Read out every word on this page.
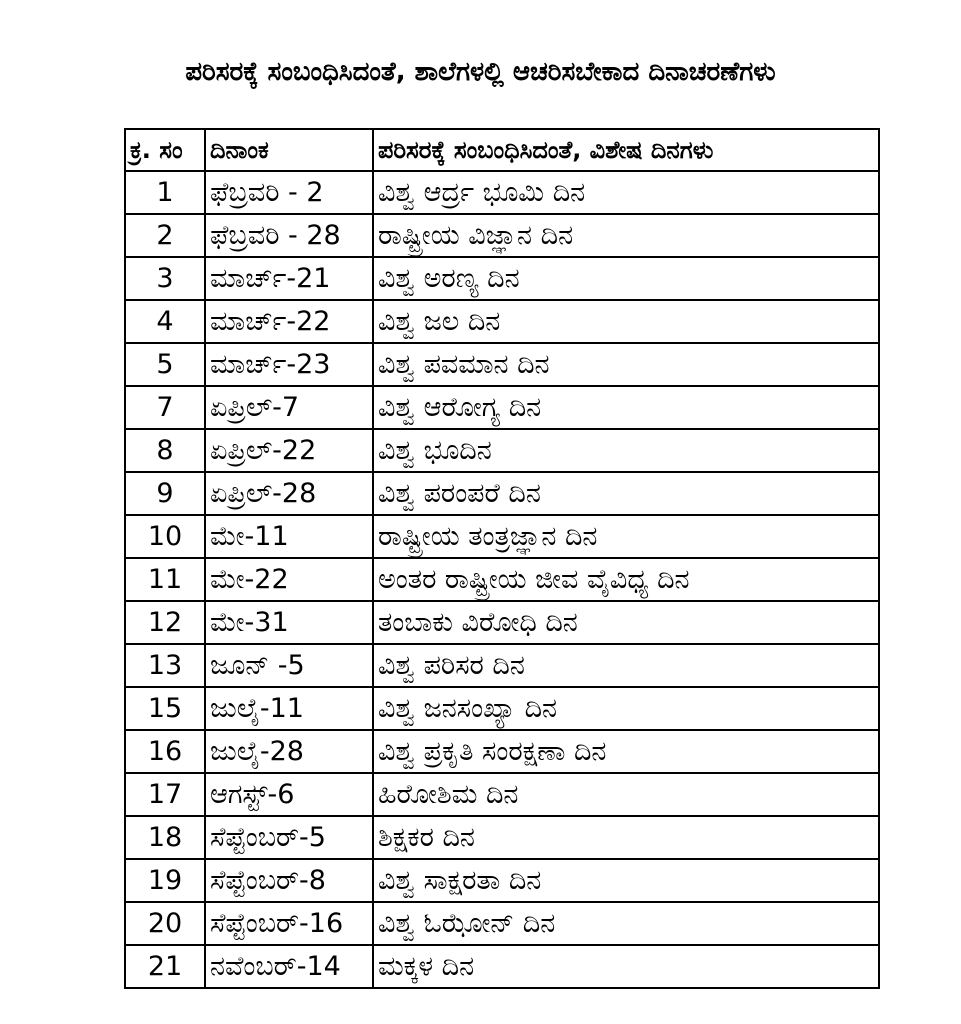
ಪರಿಸರಕ್ಕೆ ಸಂಬಂಧಿಸಿದಂತೆ, ಶಾಲೆಗಳಲ್ಲಿ ಆಚರಿಸಬೇಕಾದ ದಿನಾಚರಣೆಗಳು
ಕ್ರ. ಸಂ	ದಿನಾಂಕ	ಪರಿಸರಕ್ಕೆ ಸಂಬಂಧಿಸಿದಂತೆ, ವಿಶೇಷ ದಿನಗಳು
1	ಫೆಬ್ರವರಿ - 2	ವಿಶ್ವ ಆರ್ದ್ರ ಭೂಮಿ ದಿನ
2	ಫೆಬ್ರವರಿ - 28	ರಾಷ್ಟ್ರೀಯ ವಿಜ್ಞಾನ ದಿನ
3	ಮಾರ್ಚ್-21	ವಿಶ್ವ ಅರಣ್ಯ ದಿನ
4	ಮಾರ್ಚ್-22	ವಿಶ್ವ ಜಲ ದಿನ
5	ಮಾರ್ಚ್-23	ವಿಶ್ವ ಪವಮಾನ ದಿನ
7	ಏಪ್ರಿಲ್-7	ವಿಶ್ವ ಆರೋಗ್ಯ ದಿನ
8	ಏಪ್ರಿಲ್-22	ವಿಶ್ವ ಭೂದಿನ
9	ಏಪ್ರಿಲ್-28	ವಿಶ್ವ ಪರಂಪರೆ ದಿನ
10	ಮೇ-11	ರಾಷ್ಟ್ರೀಯ ತಂತ್ರಜ್ಞಾನ ದಿನ
11	ಮೇ-22	ಅಂತರ ರಾಷ್ಟ್ರೀಯ ಜೀವ ವೈವಿಧ್ಯ ದಿನ
12	ಮೇ-31	ತಂಬಾಕು ವಿರೋಧಿ ದಿನ
13	ಜೂನ್ -5	ವಿಶ್ವ ಪರಿಸರ ದಿನ
15	ಜುಲೈ-11	ವಿಶ್ವ ಜನಸಂಖ್ಯಾ ದಿನ
16	ಜುಲೈ-28	ವಿಶ್ವ ಪ್ರಕೃತಿ ಸಂರಕ್ಷಣಾ ದಿನ
17	ಆಗಸ್ಟ್-6	ಹಿರೋಶಿಮ ದಿನ
18	ಸೆಪ್ಟೆಂಬರ್-5	ಶಿಕ್ಷಕರ ದಿನ
19	ಸೆಪ್ಟೆಂಬರ್-8	ವಿಶ್ವ ಸಾಕ್ಷರತಾ ದಿನ
20	ಸೆಪ್ಟೆಂಬರ್-16	ವಿಶ್ವ ಓಝೋನ್ ದಿನ
21	ನವೆಂಬರ್-14	ಮಕ್ಕಳ ದಿನ
